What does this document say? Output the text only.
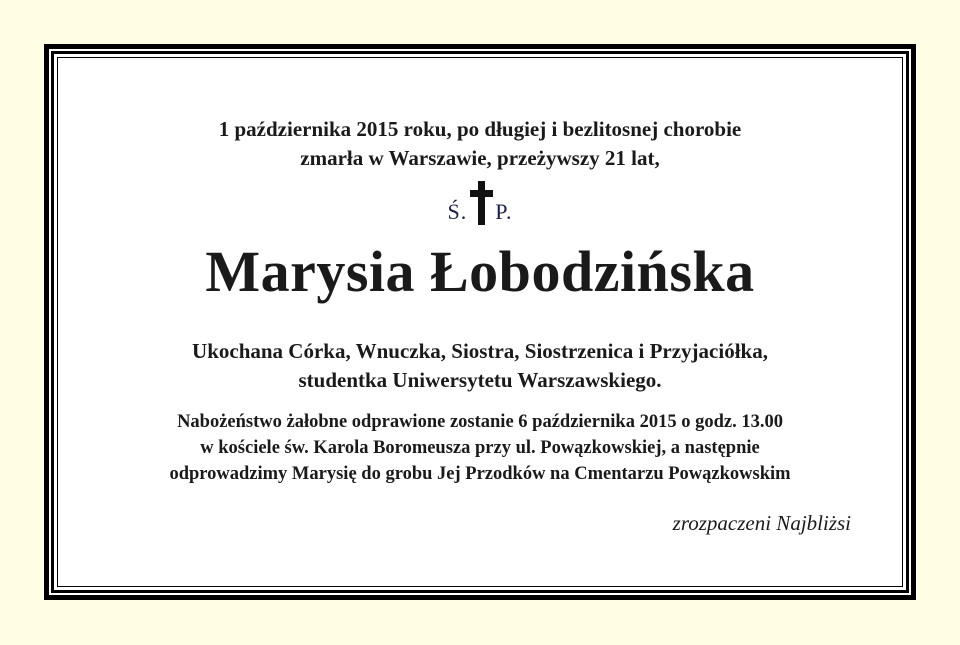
1 października 2015 roku, po długiej i bezlitosnej chorobie
zmarła w Warszawie, przeżywszy 21 lat,
Ś. P.
Marysia Łobodzińska
Ukochana Córka, Wnuczka, Siostra, Siostrzenica i Przyjaciółka,
studentka Uniwersytetu Warszawskiego.
Nabożeństwo żałobne odprawione zostanie 6 października 2015 o godz. 13.00
w kościele św. Karola Boromeusza przy ul. Powązkowskiej, a następnie
odprowadzimy Marysię do grobu Jej Przodków na Cmentarzu Powązkowskim
zrozpaczeni Najbliżsi
